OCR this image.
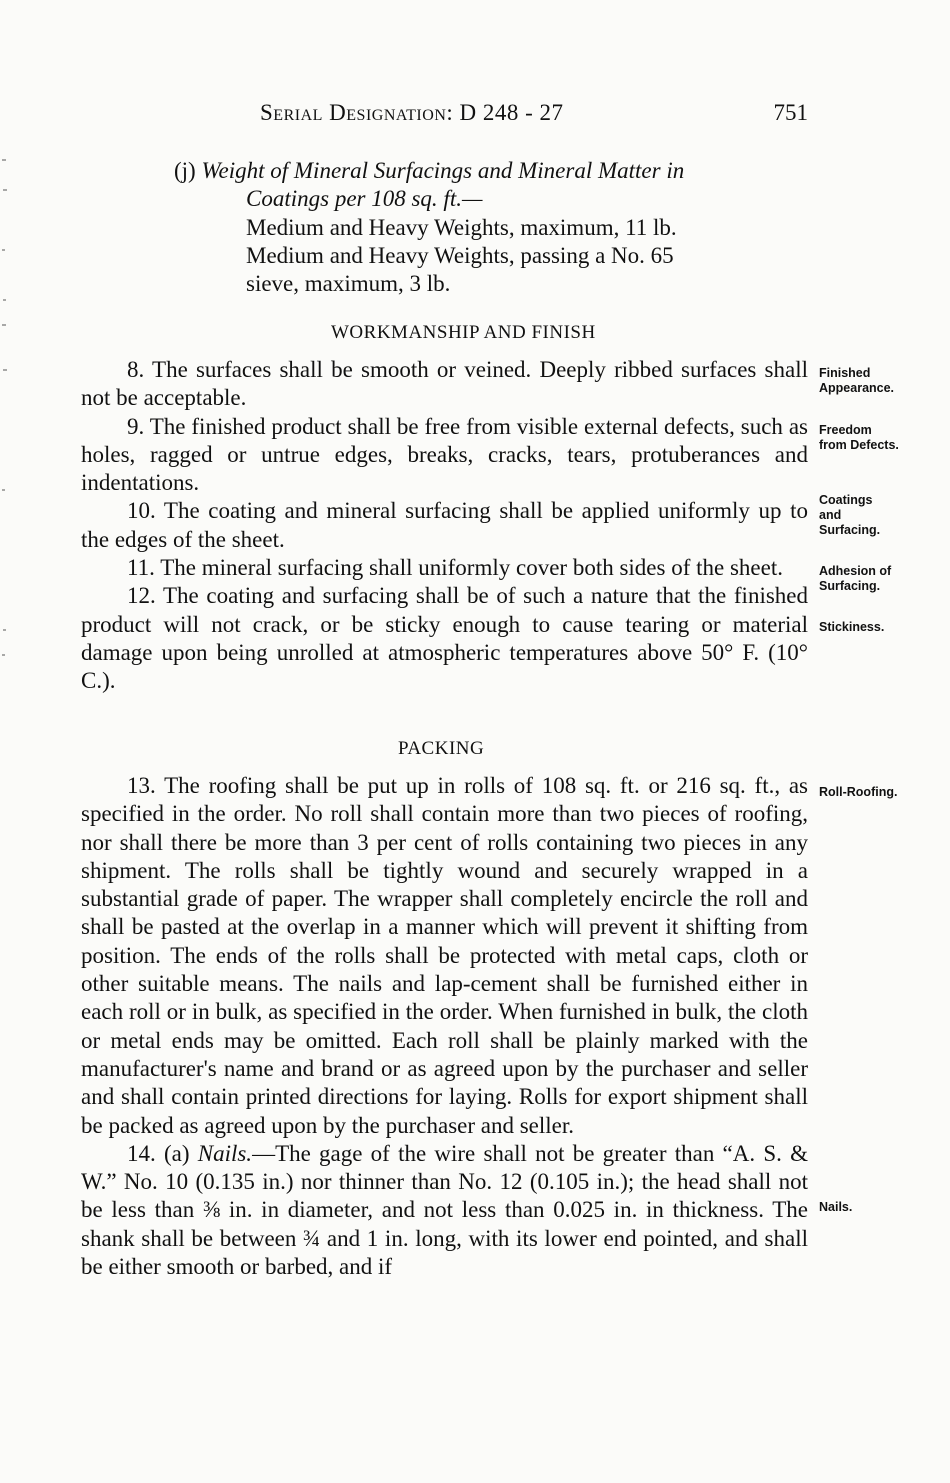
Serial Designation: D 248 - 27	751
(j) Weight of Mineral Surfacings and Mineral Matter in
Coatings per 108 sq. ft.—
Medium and Heavy Weights, maximum, 11 lb.
Medium and Heavy Weights, passing a No. 65
sieve, maximum, 3 lb.
WORKMANSHIP AND FINISH

8. The surfaces shall be smooth or veined. Deeply ribbed surfaces shall not be acceptable.

9. The finished product shall be free from visible external defects, such as holes, ragged or untrue edges, breaks, cracks, tears, protuberances and indentations.

10. The coating and mineral surfacing shall be applied uniformly up to the edges of the sheet.

11. The mineral surfacing shall uniformly cover both sides of the sheet.

12. The coating and surfacing shall be of such a nature that the finished product will not crack, or be sticky enough to cause tearing or material damage upon being unrolled at atmospheric temperatures above 50° F. (10° C.).

PACKING

13. The roofing shall be put up in rolls of 108 sq. ft. or 216 sq. ft., as specified in the order. No roll shall contain more than two pieces of roofing, nor shall there be more than 3 per cent of rolls containing two pieces in any shipment. The rolls shall be tightly wound and securely wrapped in a substantial grade of paper. The wrapper shall completely encircle the roll and shall be pasted at the overlap in a manner which will prevent it shifting from position. The ends of the rolls shall be protected with metal caps, cloth or other suitable means. The nails and lap-cement shall be furnished either in each roll or in bulk, as specified in the order. When furnished in bulk, the cloth or metal ends may be omitted. Each roll shall be plainly marked with the manufacturer's name and brand or as agreed upon by the purchaser and seller and shall contain printed directions for laying. Rolls for export shipment shall be packed as agreed upon by the purchaser and seller.

14. (a) Nails.—The gage of the wire shall not be greater than “A. S. & W.” No. 10 (0.135 in.) nor thinner than No. 12 (0.105 in.); the head shall not be less than ⅜ in. in diameter, and not less than 0.025 in. in thickness. The shank shall be between ¾ and 1 in. long, with its lower end pointed, and shall be either smooth or barbed, and if

Finished
Appearance.
Freedom
from Defects.
Coatings
and
Surfacing.
Adhesion of
Surfacing.
Stickiness.
Roll-Roofing.
Nails.
